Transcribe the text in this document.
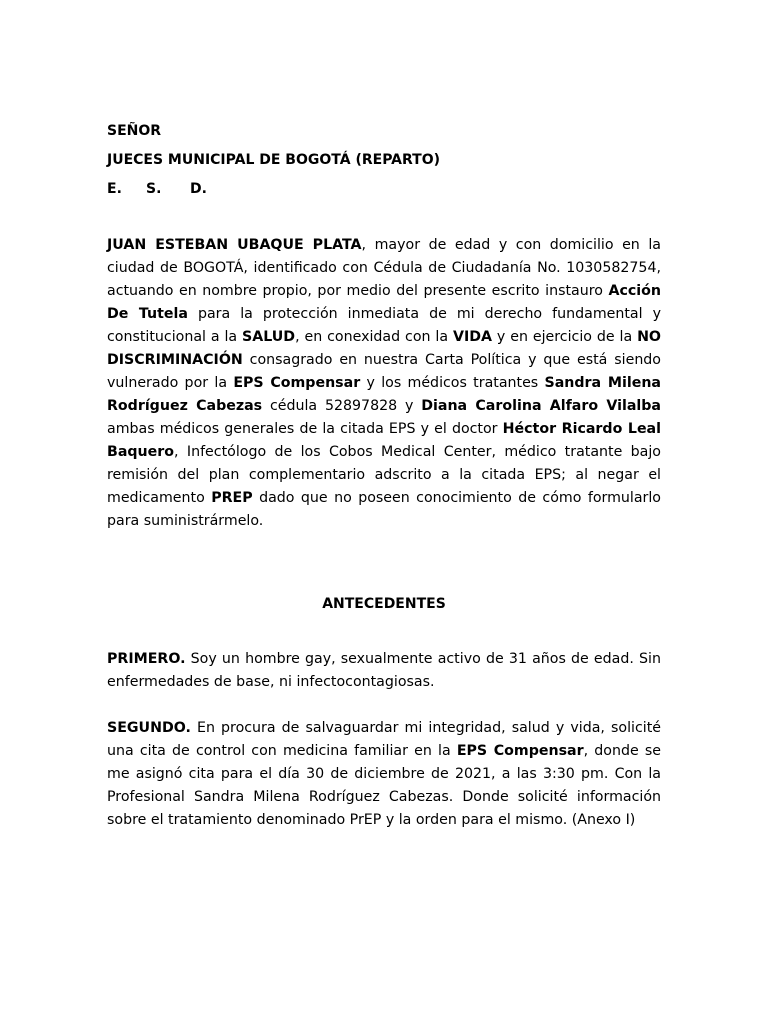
SEÑOR
JUECES MUNICIPAL DE BOGOTÁ (REPARTO)
E. S. D.
JUAN ESTEBAN UBAQUE PLATA, mayor de edad y con domicilio en la ciudad de BOGOTÁ, identificado con Cédula de Ciudadanía No. 1030582754, actuando en nombre propio, por medio del presente escrito instauro Acción De Tutela para la protección inmediata de mi derecho fundamental y constitucional a la SALUD, en conexidad con la VIDA y en ejercicio de la NO DISCRIMINACIÓN consagrado en nuestra Carta Política y que está siendo vulnerado por la EPS Compensar y los médicos tratantes Sandra Milena Rodríguez Cabezas cédula 52897828 y Diana Carolina Alfaro Vilalba ambas médicos generales de la citada EPS y el doctor Héctor Ricardo Leal Baquero, Infectólogo de los Cobos Medical Center, médico tratante bajo remisión del plan complementario adscrito a la citada EPS; al negar el medicamento PREP dado que no poseen conocimiento de cómo formularlo para suministrármelo.
ANTECEDENTES
PRIMERO. Soy un hombre gay, sexualmente activo de 31 años de edad. Sin enfermedades de base, ni infectocontagiosas.
SEGUNDO. En procura de salvaguardar mi integridad, salud y vida, solicité una cita de control con medicina familiar en la EPS Compensar, donde se me asignó cita para el día 30 de diciembre de 2021, a las 3:30 pm. Con la Profesional Sandra Milena Rodríguez Cabezas. Donde solicité información sobre el tratamiento denominado PrEP y la orden para el mismo. (Anexo I)
